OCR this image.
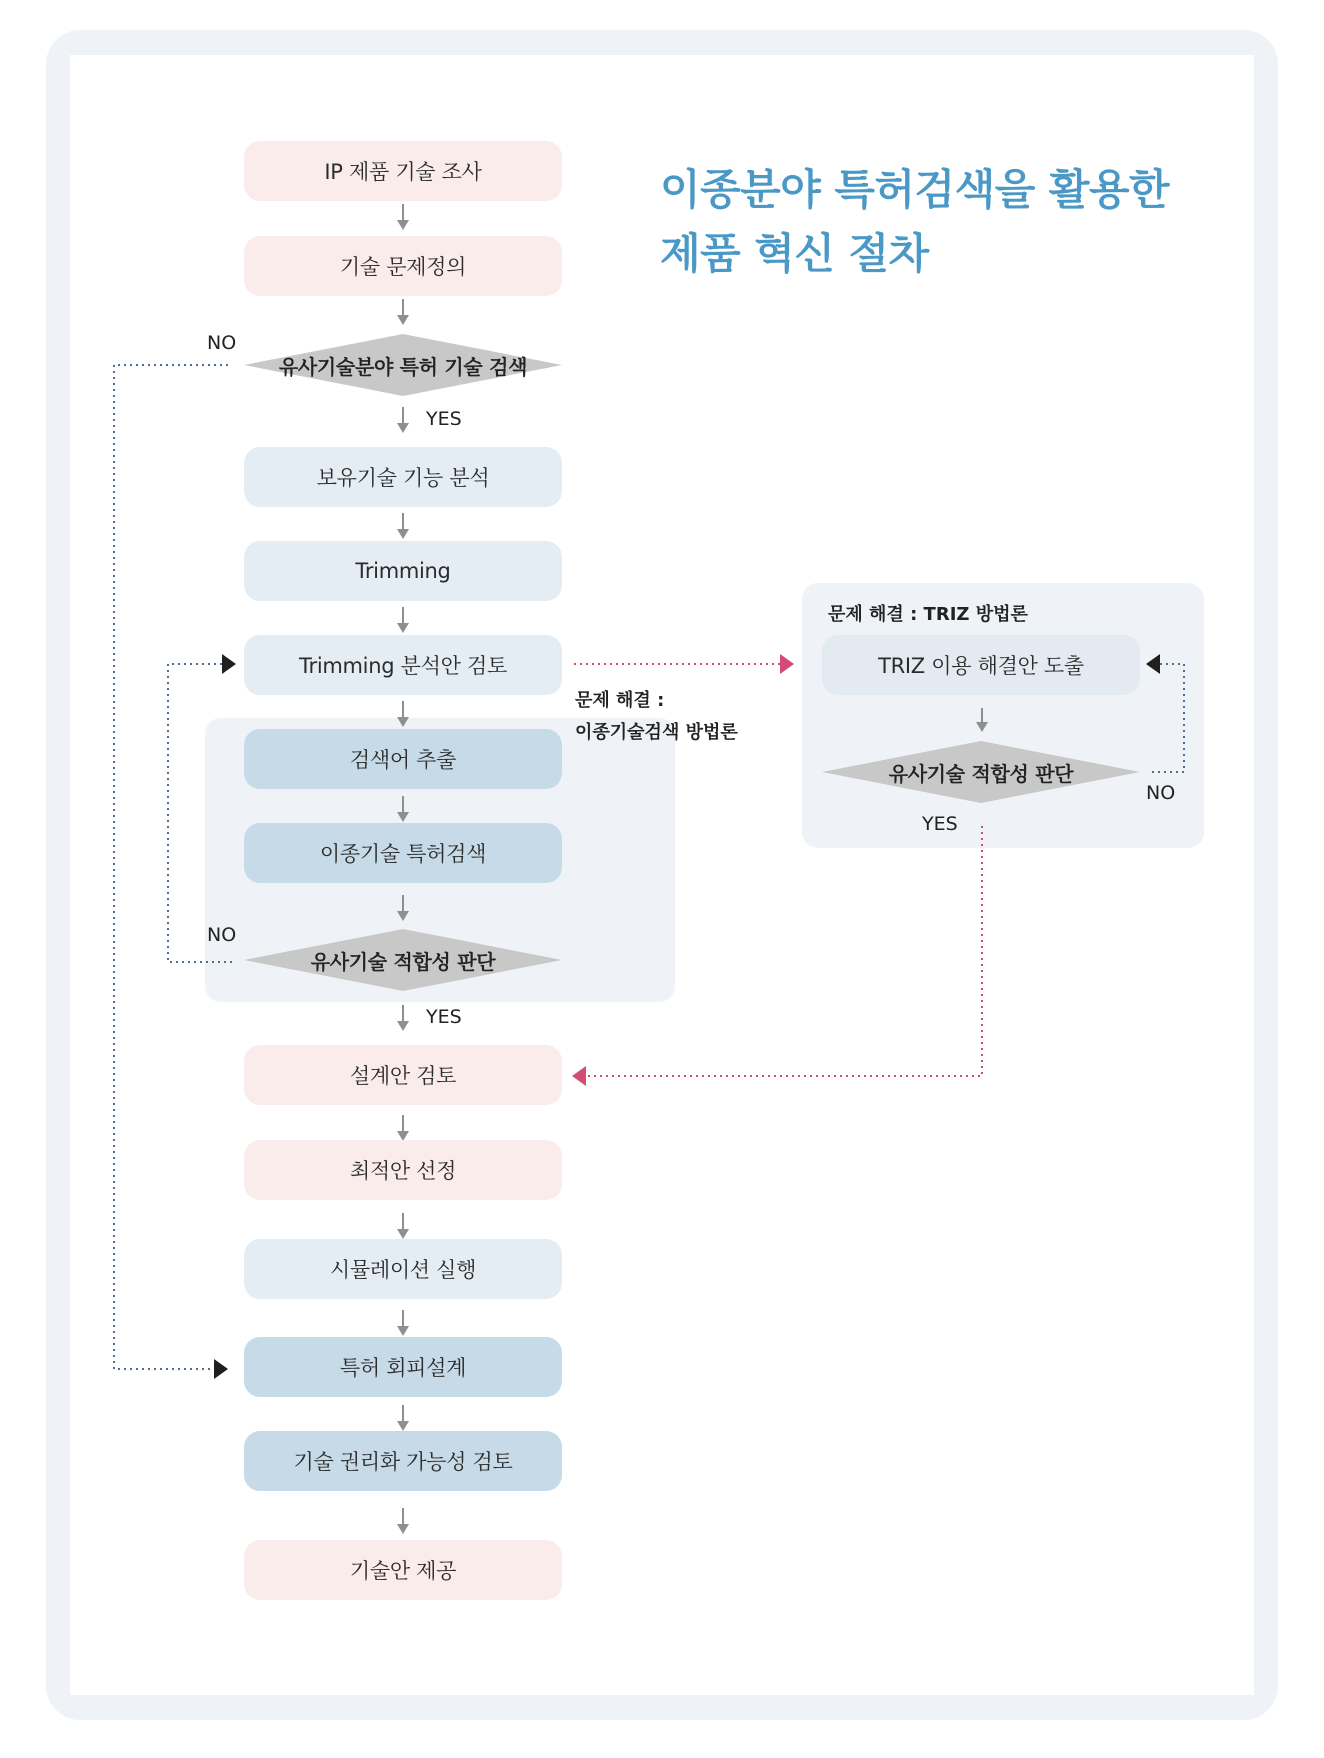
이종분야 특허검색을 활용한
제품 혁신 절차
IP 제품 기술 조사
기술 문제정의
유사기술분야 특허 기술 검색
보유기술 기능 분석
Trimming
Trimming 분석안 검토
검색어 추출
이종기술 특허검색
유사기술 적합성 판단
설계안 검토
최적안 선정
시뮬레이션 실행
특허 회피설계
기술 권리화 가능성 검토
기술안 제공
문제 해결 : TRIZ 방법론
TRIZ 이용 해결안 도출
유사기술 적합성 판단
NO
YES
NO
YES
NO
YES
문제 해결 :
이종기술검색 방법론
